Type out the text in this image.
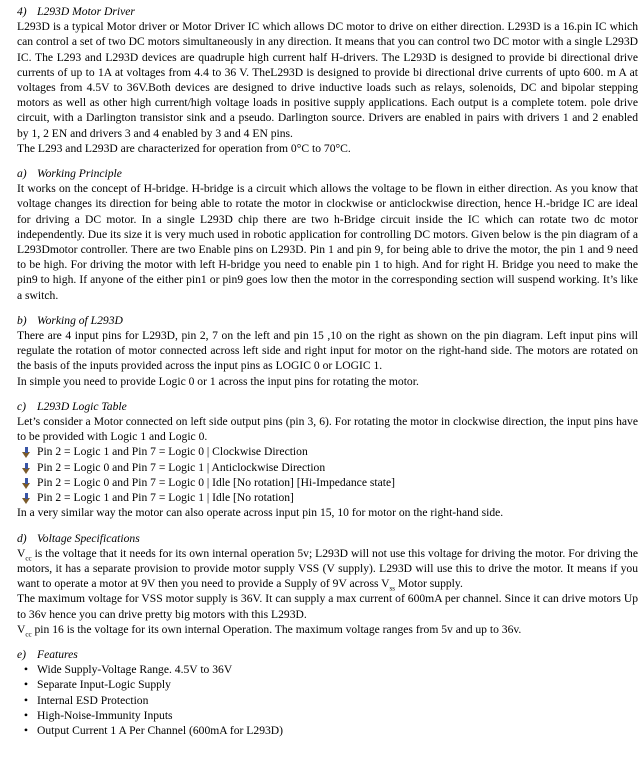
4) L293D Motor Driver

L293D is a typical Motor driver or Motor Driver IC which allows DC motor to drive on either direction. L293D is a 16.pin IC which can control a set of two DC motors simultaneously in any direction. It means that you can control two DC motor with a single L293D IC. The L293 and L293D devices are quadruple high current half H-drivers. The L293D is designed to provide bi directional drive currents of up to 1A at voltages from 4.4 to 36 V. TheL293D is designed to provide bi directional drive currents of upto 600. m A at voltages from 4.5V to 36V.Both devices are designed to drive inductive loads such as relays, solenoids, DC and bipolar stepping motors as well as other high current/high voltage loads in positive supply applications. Each output is a complete totem. pole drive circuit, with a Darlington transistor sink and a pseudo. Darlington source. Drivers are enabled in pairs with drivers 1 and 2 enabled by 1, 2 EN and drivers 3 and 4 enabled by 3 and 4 EN pins.

The L293 and L293D are characterized for operation from 0°C to 70°C.

a) Working Principle

It works on the concept of H-bridge. H-bridge is a circuit which allows the voltage to be flown in either direction. As you know that voltage changes its direction for being able to rotate the motor in clockwise or anticlockwise direction, hence H.-bridge IC are ideal for driving a DC motor. In a single L293D chip there are two h-Bridge circuit inside the IC which can rotate two dc motor independently. Due its size it is very much used in robotic application for controlling DC motors. Given below is the pin diagram of a L293Dmotor controller. There are two Enable pins on L293D. Pin 1 and pin 9, for being able to drive the motor, the pin 1 and 9 need to be high. For driving the motor with left H-bridge you need to enable pin 1 to high. And for right H. Bridge you need to make the pin9 to high. If anyone of the either pin1 or pin9 goes low then the motor in the corresponding section will suspend working. It’s like a switch.

b) Working of L293D

There are 4 input pins for L293D, pin 2, 7 on the left and pin 15 ,10 on the right as shown on the pin diagram. Left input pins will regulate the rotation of motor connected across left side and right input for motor on the right-hand side. The motors are rotated on the basis of the inputs provided across the input pins as LOGIC 0 or LOGIC 1.

In simple you need to provide Logic 0 or 1 across the input pins for rotating the motor.

c) L293D Logic Table

Let’s consider a Motor connected on left side output pins (pin 3, 6). For rotating the motor in clockwise direction, the input pins have to be provided with Logic 1 and Logic 0.

Pin 2 = Logic 1 and Pin 7 = Logic 0 | Clockwise Direction

Pin 2 = Logic 0 and Pin 7 = Logic 1 | Anticlockwise Direction

Pin 2 = Logic 0 and Pin 7 = Logic 0 | Idle [No rotation] [Hi-Impedance state]

Pin 2 = Logic 1 and Pin 7 = Logic 1 | Idle [No rotation]

In a very similar way the motor can also operate across input pin 15, 10 for motor on the right-hand side.

d) Voltage Specifications

$V_{cc}$ is the voltage that it needs for its own internal operation 5v; L293D will not use this voltage for driving the motor. For driving the motors, it has a separate provision to provide motor supply VSS (V supply). L293D will use this to drive the motor. It means if you want to operate a motor at 9V then you need to provide a Supply of 9V across $V_{ss}$ Motor supply.

The maximum voltage for VSS motor supply is 36V. It can supply a max current of 600mA per channel. Since it can drive motors Up to 36v hence you can drive pretty big motors with this L293D.

$V_{cc}$ pin 16 is the voltage for its own internal Operation. The maximum voltage ranges from 5v and up to 36v.

e) Features

• Wide Supply-Voltage Range. 4.5V to 36V

• Separate Input-Logic Supply

• Internal ESD Protection

• High-Noise-Immunity Inputs

• Output Current 1 A Per Channel (600mA for L293D)
